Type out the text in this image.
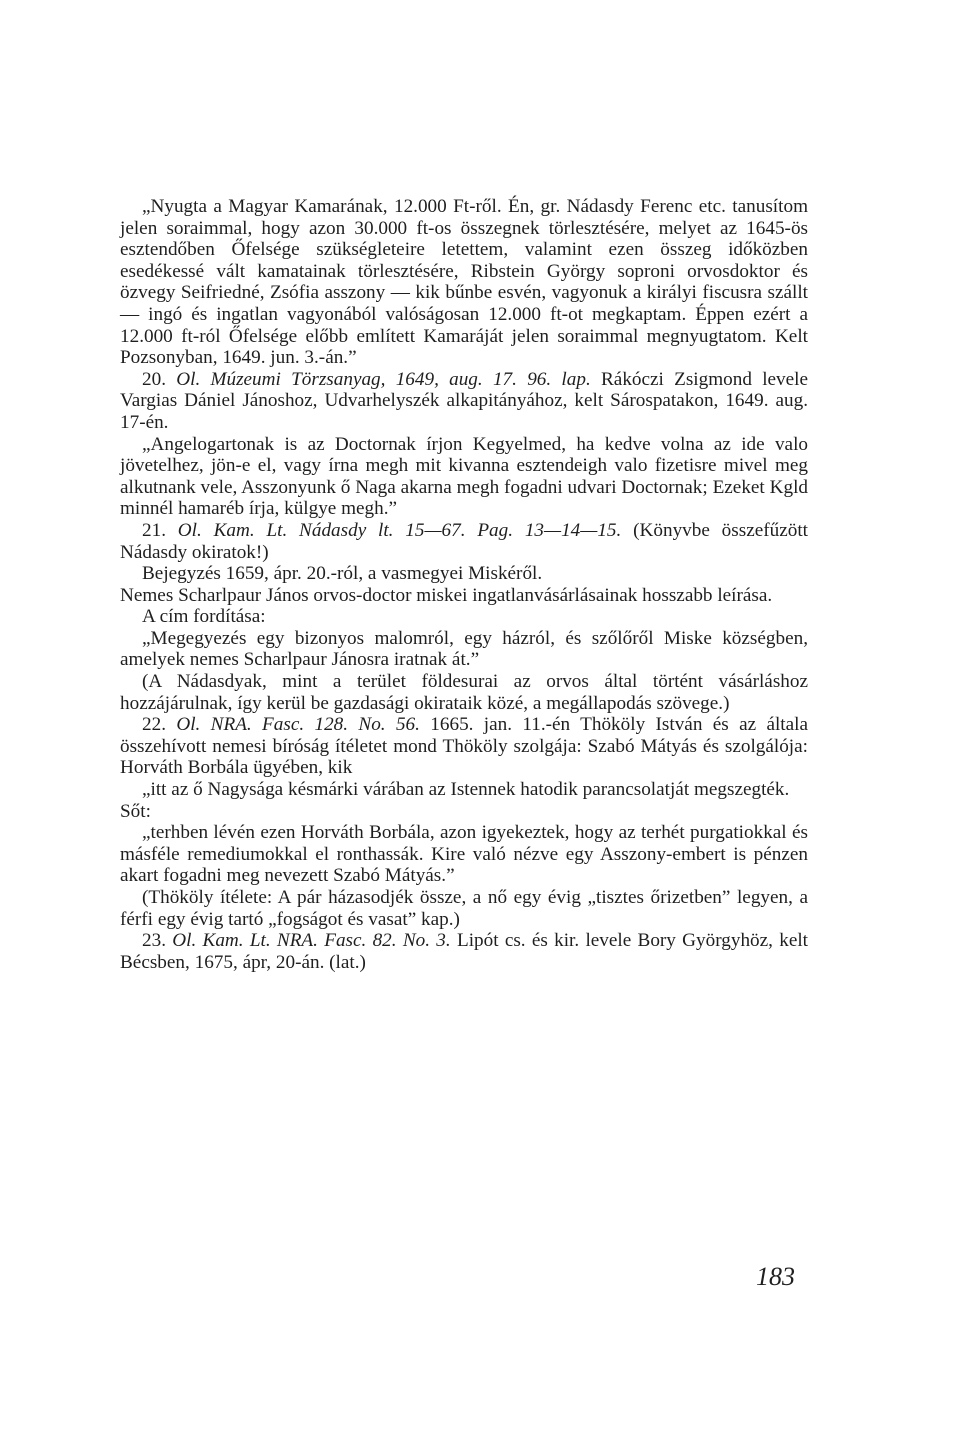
„Nyugta a Magyar Kamarának, 12.000 Ft-ről. Én, gr. Nádasdy Ferenc etc. tanusítom jelen soraimmal, hogy azon 30.000 ft-os összegnek törlesztésére, melyet az 1645-ös esztendőben Őfelsége szükségleteire letettem, valamint ezen összeg időközben esedékessé vált kamatainak törlesztésére, Ribstein György soproni orvosdoktor és özvegy Seifriedné, Zsófia asszony — kik bűnbe esvén, vagyonuk a királyi fiscusra szállt — ingó és ingatlan vagyonából valóságosan 12.000 ft-ot megkaptam. Éppen ezért a 12.000 ft-ról Őfelsége előbb említett Kamaráját jelen soraimmal megnyugtatom. Kelt Pozsonyban, 1649. jun. 3.-án.”

20. Ol. Múzeumi Törzsanyag, 1649, aug. 17. 96. lap. Rákóczi Zsigmond levele Vargias Dániel Jánoshoz, Udvarhelyszék alkapitányához, kelt Sárospatakon, 1649. aug. 17-én.

„Angelogartonak is az Doctornak írjon Kegyelmed, ha kedve volna az ide valo jövetelhez, jön-e el, vagy írna megh mit kivanna esztendeigh valo fizetisre mivel meg alkutnank vele, Asszonyunk ő Naga akarna megh fogadni udvari Doctornak; Ezeket Kgld minnél hamaréb írja, külgye megh.”

21. Ol. Kam. Lt. Nádasdy lt. 15—67. Pag. 13—14—15. (Könyvbe összefűzött Nádasdy okiratok!)

Bejegyzés 1659, ápr. 20.-ról, a vasmegyei Miskéről.

Nemes Scharlpaur János orvos-doctor miskei ingatlanvásárlásainak hosszabb leírása.

A cím fordítása:

„Megegyezés egy bizonyos malomról, egy házról, és szőlőről Miske községben, amelyek nemes Scharlpaur Jánosra iratnak át.”

(A Nádasdyak, mint a terület földesurai az orvos által történt vásárláshoz hozzájárulnak, így kerül be gazdasági okirataik közé, a megállapodás szövege.)

22. Ol. NRA. Fasc. 128. No. 56. 1665. jan. 11.-én Thököly István és az általa összehívott nemesi bíróság ítéletet mond Thököly szolgája: Szabó Mátyás és szolgálója: Horváth Borbála ügyében, kik

„itt az ő Nagysága késmárki várában az Istennek hatodik parancsolatját megszegték.

Sőt:

„terhben lévén ezen Horváth Borbála, azon igyekeztek, hogy az terhét purgatiokkal és másféle remediumokkal el ronthassák. Kire való nézve egy Asszony-embert is pénzen akart fogadni meg nevezett Szabó Mátyás.”

(Thököly ítélete: A pár házasodjék össze, a nő egy évig „tisztes őrizetben” legyen, a férfi egy évig tartó „fogságot és vasat” kap.)

23. Ol. Kam. Lt. NRA. Fasc. 82. No. 3. Lipót cs. és kir. levele Bory Györgyhöz, kelt Bécsben, 1675, ápr, 20-án. (lat.)

183
